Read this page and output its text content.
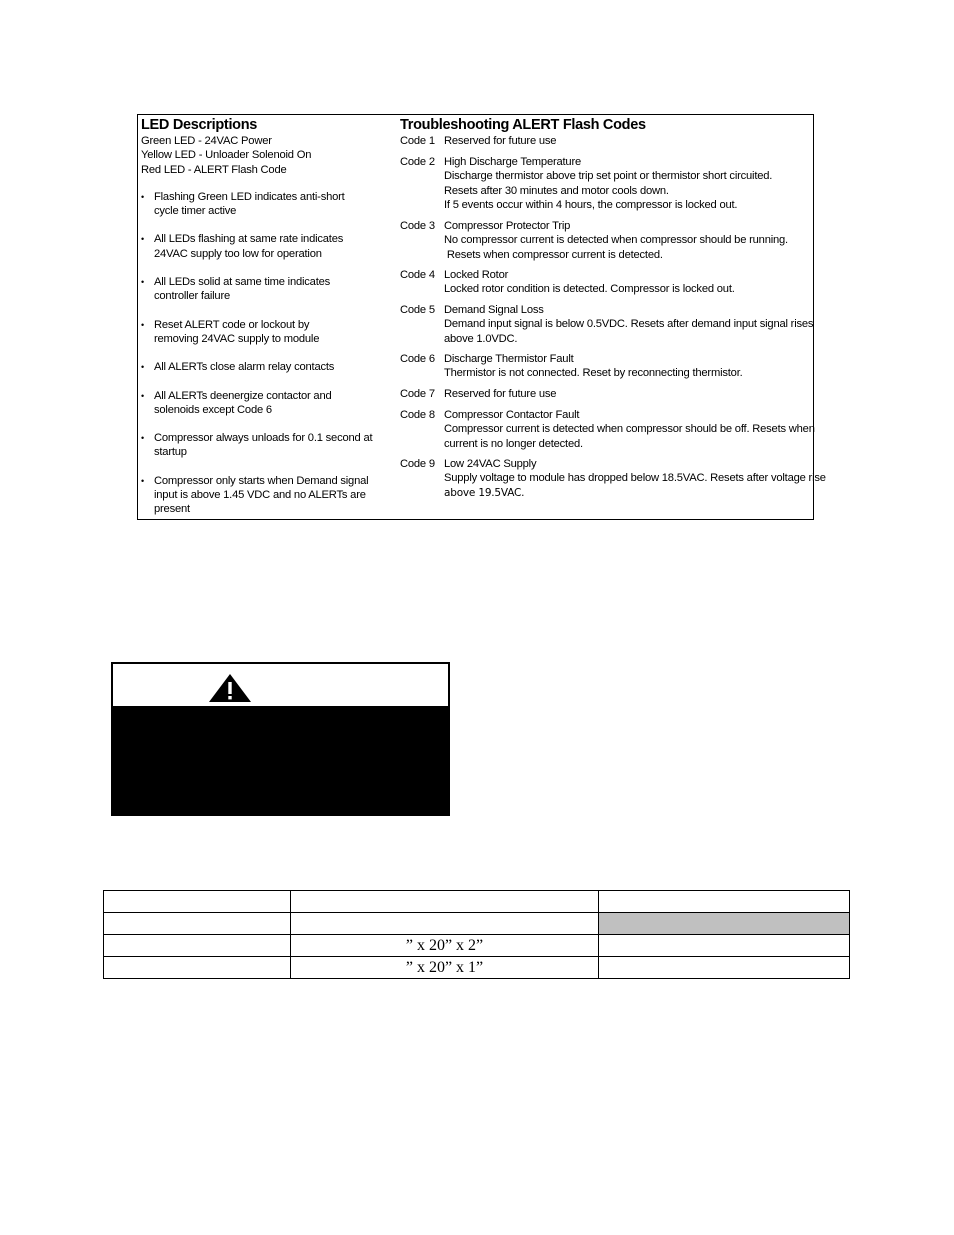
LED Descriptions
Green LED - 24VAC Power
Yellow LED - Unloader Solenoid On
Red LED - ALERT Flash Code
• Flashing Green LED indicates anti-short
cycle timer active
• All LEDs flashing at same rate indicates
24VAC supply too low for operation
• All LEDs solid at same time indicates
controller failure
• Reset ALERT code or lockout by
removing 24VAC supply to module
• All ALERTs close alarm relay contacts
• All ALERTs deenergize contactor and
solenoids except Code 6
• Compressor always unloads for 0.1 second at
startup
• Compressor only starts when Demand signal
input is above 1.45 VDC and no ALERTs are
present
Troubleshooting ALERT Flash Codes
Code 1 Reserved for future use
Code 2 High Discharge Temperature
Discharge thermistor above trip set point or thermistor short circuited.
Resets after 30 minutes and motor cools down.
If 5 events occur within 4 hours, the compressor is locked out.
Code 3 Compressor Protector Trip
No compressor current is detected when compressor should be running.
Resets when compressor current is detected.
Code 4 Locked Rotor
Locked rotor condition is detected. Compressor is locked out.
Code 5 Demand Signal Loss
Demand input signal is below 0.5VDC. Resets after demand input signal rises
above 1.0VDC.
Code 6 Discharge Thermistor Fault
Thermistor is not connected. Reset by reconnecting thermistor.
Code 7 Reserved for future use
Code 8 Compressor Contactor Fault
Compressor current is detected when compressor should be off. Resets when
current is no longer detected.
Code 9 Low 24VAC Supply
Supply voltage to module has dropped below 18.5VAC. Resets after voltage rise
above 19.5VAC.

	” x 20” x 2”	
	” x 20” x 1”	
